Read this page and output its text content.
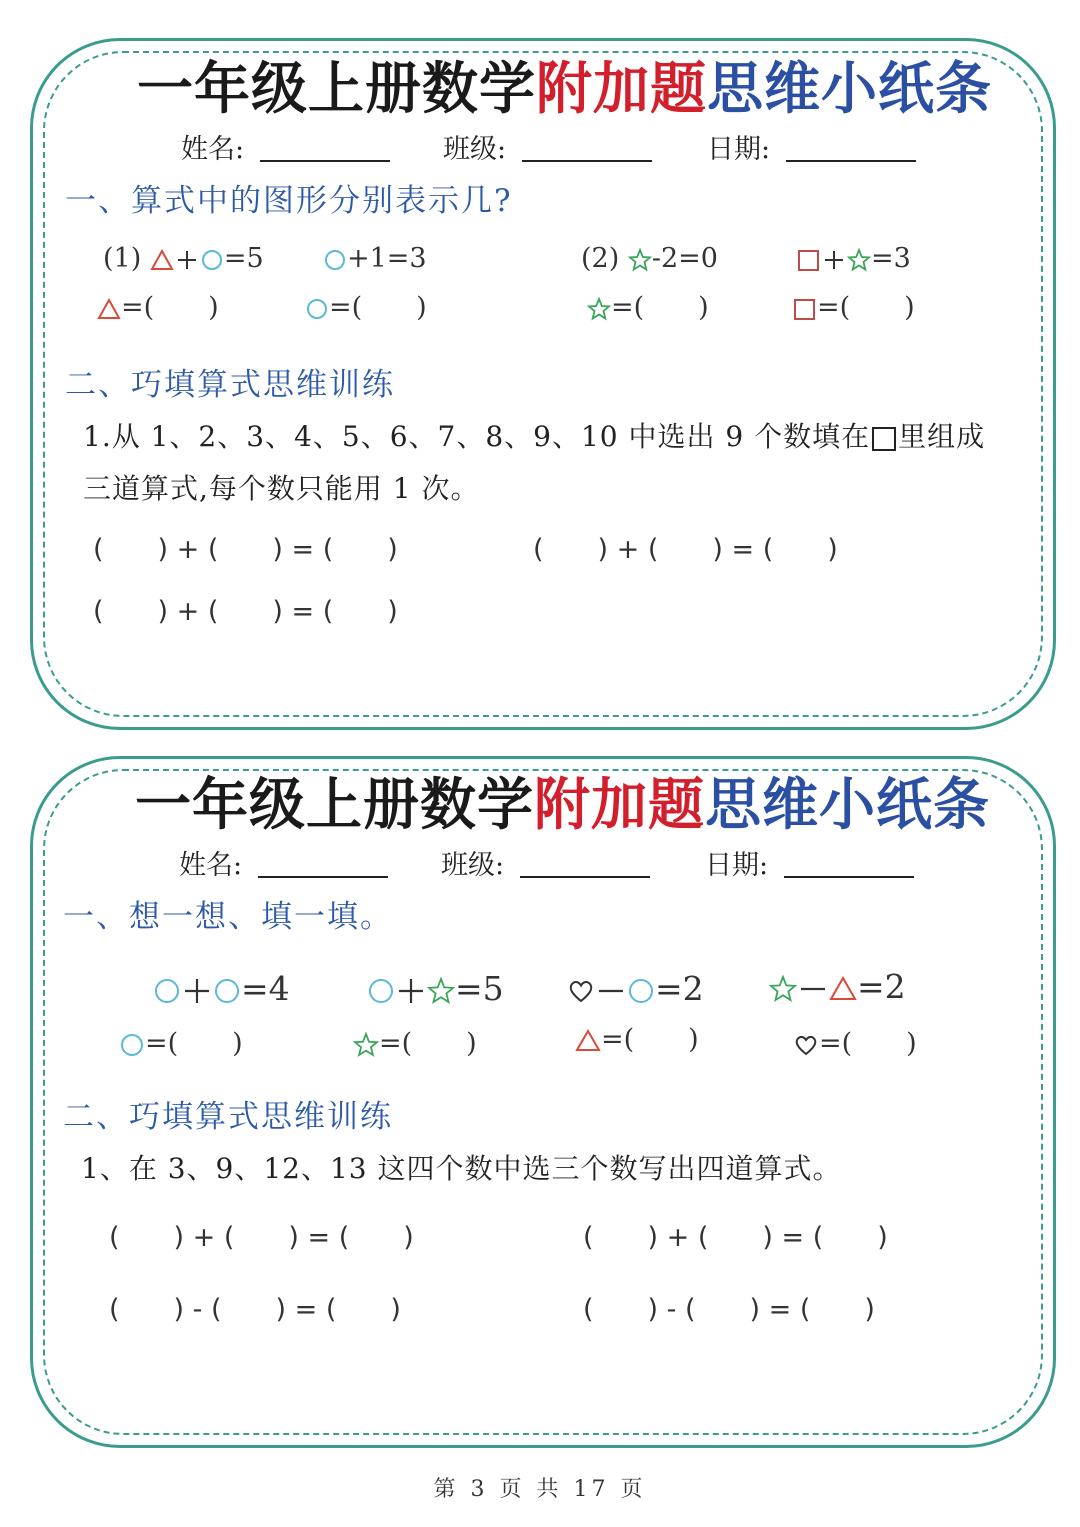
一年级上册数学附加题思维小纸条
姓名:	班级:	日期:
一、算式中的图形分别表示几?
(1)	=5	+1=3
=(　　)	=(　　)
(2) -2=0	=3
=(　　)	=(　　)
二、巧填算式思维训练
1.从 1、2、3、4、5、6、7、8、9、10 中选出 9 个数填在 里组成
三道算式,每个数只能用 1 次。
(　　) + (　　) = (　　)	(　　) + (　　) = (　　)
(　　) + (　　) = (　　)
一年级上册数学附加题思维小纸条
姓名:	班级:	日期:
一、想一想、填一填。
=4	=5	=2	=2
=(　　)	=(　　)	=(　　)	=(　　)
二、巧填算式思维训练
1、在 3、9、12、13 这四个数中选三个数写出四道算式。
(　　) + (　　) = (　　)	(　　) + (　　) = (　　)
(　　) - (　　) = (　　)	(　　) - (　　) = (　　)
第 3 页 共 17 页
